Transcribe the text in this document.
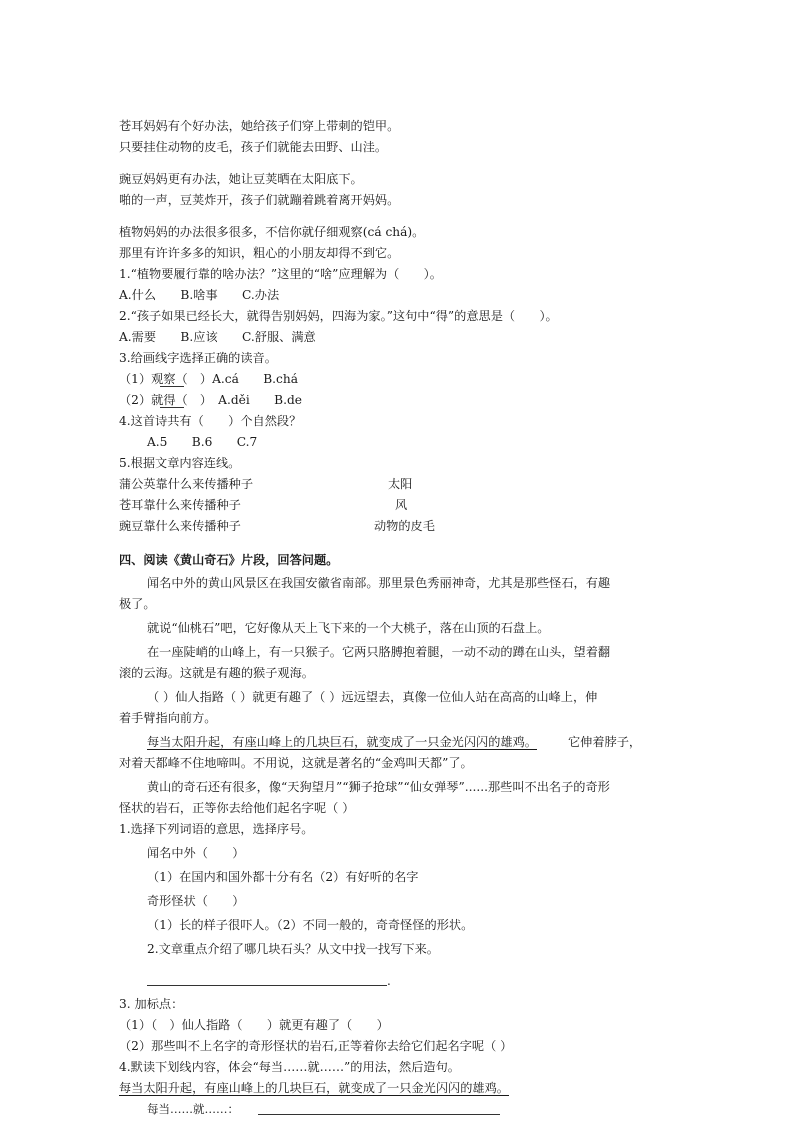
苍耳妈妈有个好办法，她给孩子们穿上带刺的铠甲。
只要挂住动物的皮毛，孩子们就能去田野、山洼。
豌豆妈妈更有办法，她让豆荚晒在太阳底下。
啪的一声，豆荚炸开，孩子们就蹦着跳着离开妈妈。
植物妈妈的办法很多很多，不信你就仔细观察(cá chá)。
那里有许许多多的知识，粗心的小朋友却得不到它。
1.“植物要履行靠的啥办法？”这里的“啥”应理解为（　　）。
A.什么　　B.啥事　　C.办法
2.“孩子如果已经长大，就得告别妈妈，四海为家。”这句中“得”的意思是（　　）。
A.需要　　B.应该　　C.舒服、满意
3.给画线字选择正确的读音。
（1）观察（　）A.cá　　B.chá
（2）就得（　）　A.děi　　B.de
4.这首诗共有（　　）个自然段？
A.5　　B.6　　C.7
5.根据文章内容连线。
蒲公英靠什么来传播种子	太阳
苍耳靠什么来传播种子	风
豌豆靠什么来传播种子	动物的皮毛
四、阅读《黄山奇石》片段，回答问题。
闻名中外的黄山风景区在我国安徽省南部。那里景色秀丽神奇，尤其是那些怪石，有趣
极了。
就说“仙桃石”吧，它好像从天上飞下来的一个大桃子，落在山顶的石盘上。
在一座陡峭的山峰上，有一只猴子。它两只胳膊抱着腿，一动不动的蹲在山头，望着翻
滚的云海。这就是有趣的猴子观海。
（ ）仙人指路（ ）就更有趣了（ ）远远望去，真像一位仙人站在高高的山峰上，伸
着手臂指向前方。
每当太阳升起，有座山峰上的几块巨石，就变成了一只金光闪闪的雄鸡。	它伸着脖子，
对着天都峰不住地啼叫。不用说，这就是著名的“金鸡叫天都”了。
黄山的奇石还有很多，像“天狗望月”“狮子抢球”“仙女弹琴”......那些叫不出名子的奇形
怪状的岩石，正等你去给他们起名字呢（ ）
1.选择下列词语的意思，选择序号。
闻名中外（　　）
（1）在国内和国外都十分有名（2）有好听的名字
奇形怪状（　　）
（1）长的样子很吓人。（2）不同一般的，奇奇怪怪的形状。
2.文章重点介绍了哪几块石头？从文中找一找写下来。
.
3. 加标点：
（1）（　）仙人指路（　　）就更有趣了（　　）
（2）那些叫不上名字的奇形怪状的岩石,正等着你去给它们起名字呢（ ）
4.默读下划线内容，体会“每当……就……”的用法，然后造句。
每当太阳升起，有座山峰上的几块巨石，就变成了一只金光闪闪的雄鸡。
每当……就……：
